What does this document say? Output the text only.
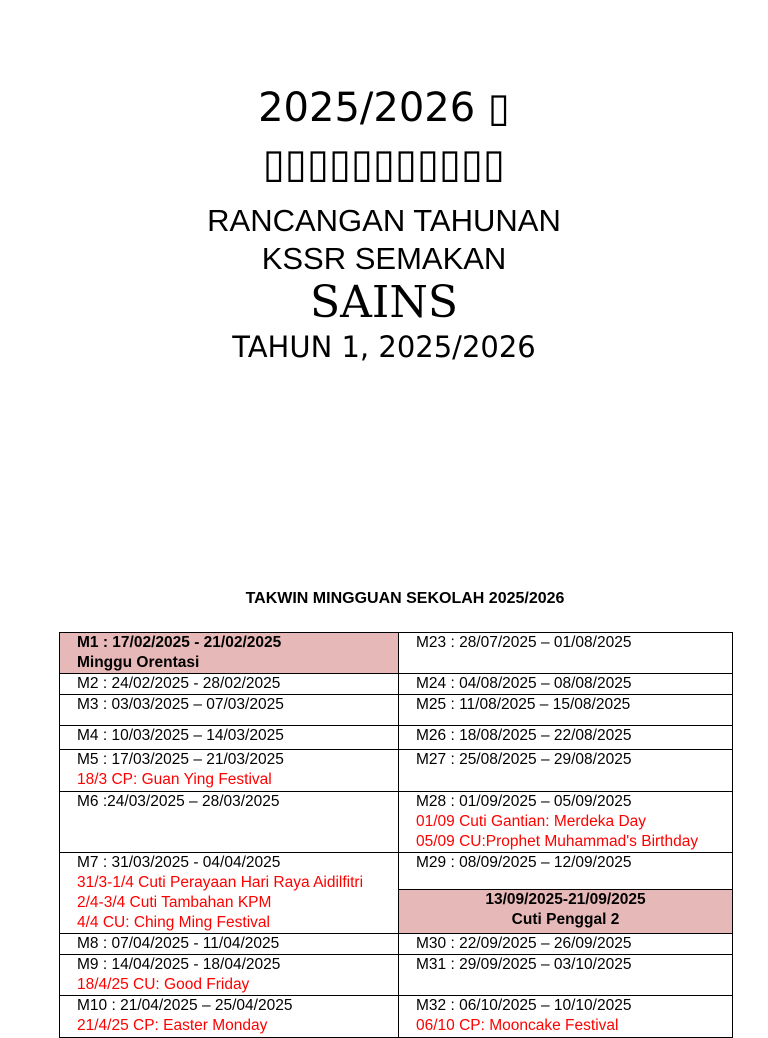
2025/2026 ▯
▯▯▯▯▯▯▯▯▯▯▯
RANCANGAN TAHUNAN
KSSR SEMAKAN
SAINS
TAHUN 1, 2025/2026
TAKWIN MINGGUAN SEKOLAH 2025/2026
M1 : 17/02/2025 - 21/02/2025
Minggu Orentasi	M23 : 28/07/2025 – 01/08/2025

M2 : 24/02/2025 - 28/02/2025	M24 : 04/08/2025 – 08/08/2025

M3 : 03/03/2025 – 07/03/2025	M25 : 11/08/2025 – 15/08/2025

M4 : 10/03/2025 – 14/03/2025	M26 : 18/08/2025 – 22/08/2025

M5 : 17/03/2025 – 21/03/2025
18/3 CP: Guan Ying Festival	M27 : 25/08/2025 – 29/08/2025

M6 :24/03/2025 – 28/03/2025	M28 : 01/09/2025 – 05/09/2025
01/09 Cuti Gantian: Merdeka Day
05/09 CU:Prophet Muhammad's Birthday

M7 : 31/03/2025 - 04/04/2025
31/3-1/4 Cuti Perayaan Hari Raya Aidilfitri
2/4-3/4 Cuti Tambahan KPM
4/4 CU: Ching Ming Festival	M29 : 08/09/2025 – 12/09/2025

	13/09/2025-21/09/2025
Cuti Penggal 2

M8 : 07/04/2025 - 11/04/2025	M30 : 22/09/2025 – 26/09/2025

M9 : 14/04/2025 - 18/04/2025
18/4/25 CU: Good Friday	M31 : 29/09/2025 – 03/10/2025

M10 : 21/04/2025 – 25/04/2025
21/4/25 CP: Easter Monday	M32 : 06/10/2025 – 10/10/2025
06/10 CP: Mooncake Festival
